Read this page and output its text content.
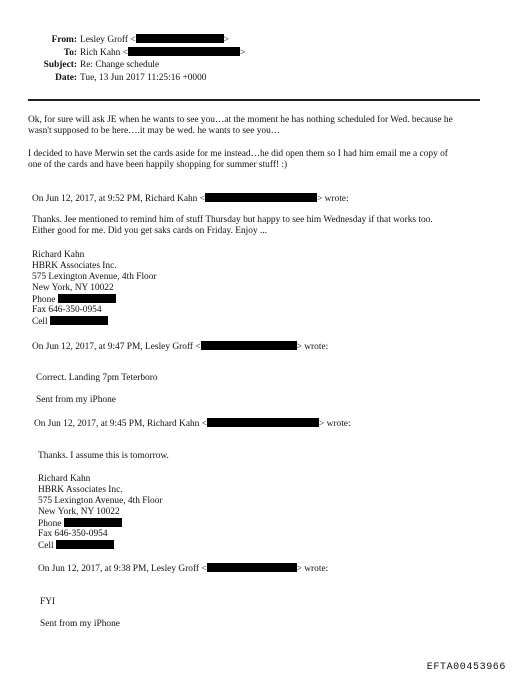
From: Lesley Groff <	>
To: Rich Kahn <	>
Subject: Re: Change schedule
Date: Tue, 13 Jun 2017 11:25:16 +0000
Ok, for sure will ask JE when he wants to see you…at the moment he has nothing scheduled for Wed. because he
wasn't supposed to be here….it may be wed. he wants to see you…
I decided to have Merwin set the cards aside for me instead…he did open them so I had him email me a copy of
one of the cards and have been happily shopping for summer stuff! :)
On Jun 12, 2017, at 9:52 PM, Richard Kahn <	> wrote:
Thanks. Jee mentioned to remind him of stuff Thursday but happy to see him Wednesday if that works too.
Either good for me. Did you get saks cards on Friday. Enjoy ...
Richard Kahn
HBRK Associates Inc.
575 Lexington Avenue, 4th Floor
New York, NY 10022
Phone
Fax 646-350-0954
Cell
On Jun 12, 2017, at 9:47 PM, Lesley Groff <	> wrote:
Correct. Landing 7pm Teterboro
Sent from my iPhone
On Jun 12, 2017, at 9:45 PM, Richard Kahn <	> wrote:
Thanks. I assume this is tomorrow.
Richard Kahn
HBRK Associates Inc.
575 Lexington Avenue, 4th Floor
New York, NY 10022
Phone
Fax 646-350-0954
Cell
On Jun 12, 2017, at 9:38 PM, Lesley Groff <	> wrote:
FYI
Sent from my iPhone
EFTA00453966
